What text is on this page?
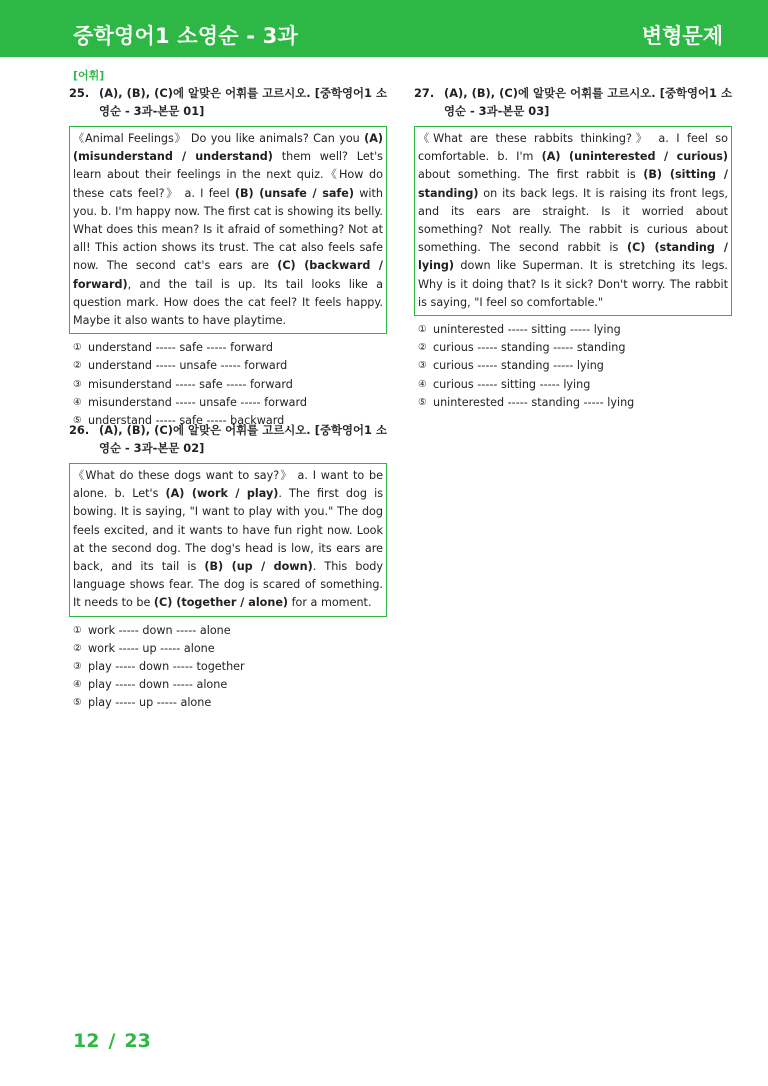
중학영어1 소영순 - 3과	변형문제
[어휘]
25. (A), (B), (C)에 알맞은 어휘를 고르시오. [중학영어1 소영순 - 3과-본문 01]
《Animal Feelings》 Do you like animals? Can you (A) (misunderstand / understand) them well? Let's learn about their feelings in the next quiz.《How do these cats feel?》 a. I feel (B) (unsafe / safe) with you. b. I'm happy now. The first cat is showing its belly. What does this mean? Is it afraid of something? Not at all! This action shows its trust. The cat also feels safe now. The second cat's ears are (C) (backward / forward), and the tail is up. Its tail looks like a question mark. How does the cat feel? It feels happy. Maybe it also wants to have playtime.
① understand ----- safe ----- forward
② understand ----- unsafe ----- forward
③ misunderstand ----- safe ----- forward
④ misunderstand ----- unsafe ----- forward
⑤ understand ----- safe ----- backward
26. (A), (B), (C)에 알맞은 어휘를 고르시오. [중학영어1 소영순 - 3과-본문 02]
《What do these dogs want to say?》 a. I want to be alone. b. Let's (A) (work / play). The first dog is bowing. It is saying, "I want to play with you." The dog feels excited, and it wants to have fun right now. Look at the second dog. The dog's head is low, its ears are back, and its tail is (B) (up / down). This body language shows fear. The dog is scared of something. It needs to be (C) (together / alone) for a moment.
① work ----- down ----- alone
② work ----- up ----- alone
③ play ----- down ----- together
④ play ----- down ----- alone
⑤ play ----- up ----- alone
27. (A), (B), (C)에 알맞은 어휘를 고르시오. [중학영어1 소영순 - 3과-본문 03]
《What are these rabbits thinking?》 a. I feel so comfortable. b. I'm (A) (uninterested / curious) about something. The first rabbit is (B) (sitting / standing) on its back legs. It is raising its front legs, and its ears are straight. Is it worried about something? Not really. The rabbit is curious about something. The second rabbit is (C) (standing / lying) down like Superman. It is stretching its legs. Why is it doing that? Is it sick? Don't worry. The rabbit is saying, "I feel so comfortable."
① uninterested ----- sitting ----- lying
② curious ----- standing ----- standing
③ curious ----- standing ----- lying
④ curious ----- sitting ----- lying
⑤ uninterested ----- standing ----- lying
12 / 23
